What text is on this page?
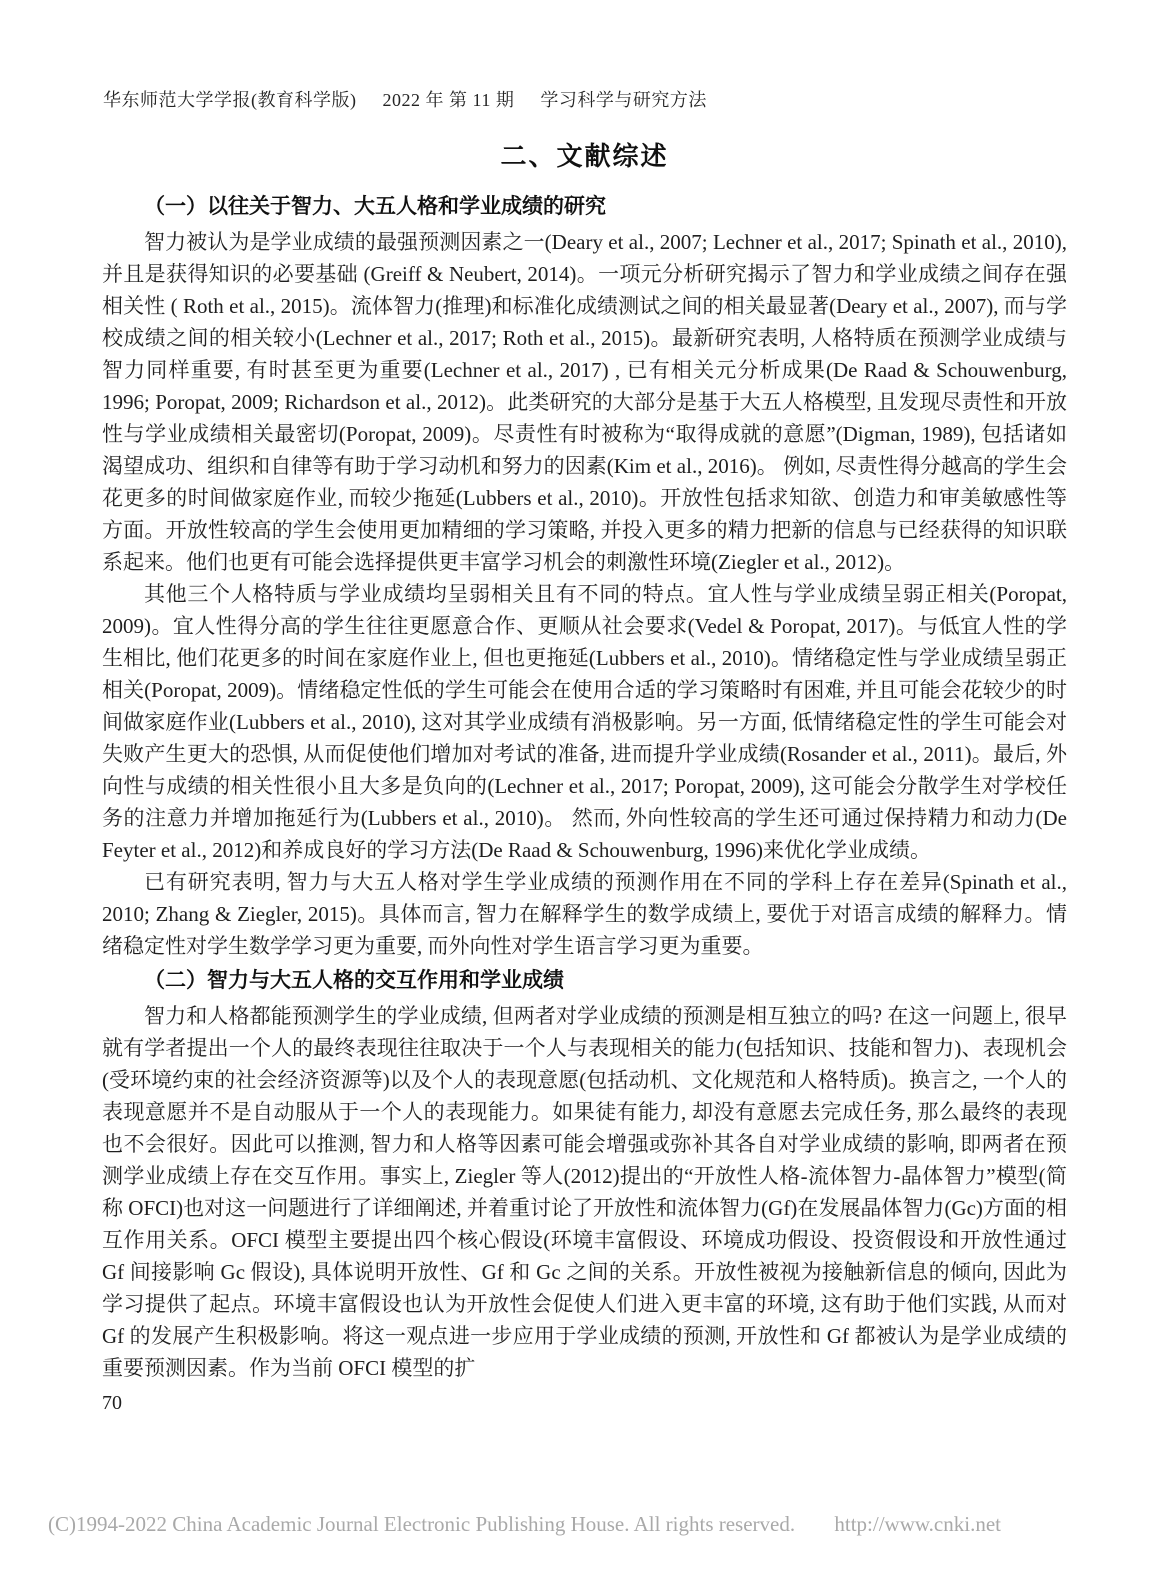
华东师范大学学报(教育科学版) 2022 年 第 11 期 学习科学与研究方法
二、文献综述
（一）以往关于智力、大五人格和学业成绩的研究

智力被认为是学业成绩的最强预测因素之一(Deary et al., 2007; Lechner et al., 2017; Spinath et al., 2010), 并且是获得知识的必要基础 (Greiff & Neubert, 2014)。一项元分析研究揭示了智力和学业成绩之间存在强相关性 ( Roth et al., 2015)。流体智力(推理)和标准化成绩测试之间的相关最显著(Deary et al., 2007), 而与学校成绩之间的相关较小(Lechner et al., 2017; Roth et al., 2015)。最新研究表明, 人格特质在预测学业成绩与智力同样重要, 有时甚至更为重要(Lechner et al., 2017) , 已有相关元分析成果(De Raad & Schouwenburg, 1996; Poropat, 2009; Richardson et al., 2012)。此类研究的大部分是基于大五人格模型, 且发现尽责性和开放性与学业成绩相关最密切(Poropat, 2009)。尽责性有时被称为“取得成就的意愿”(Digman, 1989), 包括诸如渴望成功、组织和自律等有助于学习动机和努力的因素(Kim et al., 2016)。 例如, 尽责性得分越高的学生会花更多的时间做家庭作业, 而较少拖延(Lubbers et al., 2010)。开放性包括求知欲、创造力和审美敏感性等方面。开放性较高的学生会使用更加精细的学习策略, 并投入更多的精力把新的信息与已经获得的知识联系起来。他们也更有可能会选择提供更丰富学习机会的刺激性环境(Ziegler et al., 2012)。

其他三个人格特质与学业成绩均呈弱相关且有不同的特点。宜人性与学业成绩呈弱正相关(Poropat, 2009)。宜人性得分高的学生往往更愿意合作、更顺从社会要求(Vedel & Poropat, 2017)。与低宜人性的学生相比, 他们花更多的时间在家庭作业上, 但也更拖延(Lubbers et al., 2010)。情绪稳定性与学业成绩呈弱正相关(Poropat, 2009)。情绪稳定性低的学生可能会在使用合适的学习策略时有困难, 并且可能会花较少的时间做家庭作业(Lubbers et al., 2010), 这对其学业成绩有消极影响。另一方面, 低情绪稳定性的学生可能会对失败产生更大的恐惧, 从而促使他们增加对考试的准备, 进而提升学业成绩(Rosander et al., 2011)。最后, 外向性与成绩的相关性很小且大多是负向的(Lechner et al., 2017; Poropat, 2009), 这可能会分散学生对学校任务的注意力并增加拖延行为(Lubbers et al., 2010)。 然而, 外向性较高的学生还可通过保持精力和动力(De Feyter et al., 2012)和养成良好的学习方法(De Raad & Schouwenburg, 1996)来优化学业成绩。

已有研究表明, 智力与大五人格对学生学业成绩的预测作用在不同的学科上存在差异(Spinath et al., 2010; Zhang & Ziegler, 2015)。具体而言, 智力在解释学生的数学成绩上, 要优于对语言成绩的解释力。情绪稳定性对学生数学学习更为重要, 而外向性对学生语言学习更为重要。

（二）智力与大五人格的交互作用和学业成绩

智力和人格都能预测学生的学业成绩, 但两者对学业成绩的预测是相互独立的吗? 在这一问题上, 很早就有学者提出一个人的最终表现往往取决于一个人与表现相关的能力(包括知识、技能和智力)、表现机会(受环境约束的社会经济资源等)以及个人的表现意愿(包括动机、文化规范和人格特质)。换言之, 一个人的表现意愿并不是自动服从于一个人的表现能力。如果徒有能力, 却没有意愿去完成任务, 那么最终的表现也不会很好。因此可以推测, 智力和人格等因素可能会增强或弥补其各自对学业成绩的影响, 即两者在预测学业成绩上存在交互作用。事实上, Ziegler 等人(2012)提出的“开放性人格-流体智力-晶体智力”模型(简称 OFCI)也对这一问题进行了详细阐述, 并着重讨论了开放性和流体智力(Gf)在发展晶体智力(Gc)方面的相互作用关系。OFCI 模型主要提出四个核心假设(环境丰富假设、环境成功假设、投资假设和开放性通过 Gf 间接影响 Gc 假设), 具体说明开放性、Gf 和 Gc 之间的关系。开放性被视为接触新信息的倾向, 因此为学习提供了起点。环境丰富假设也认为开放性会促使人们进入更丰富的环境, 这有助于他们实践, 从而对 Gf 的发展产生积极影响。将这一观点进一步应用于学业成绩的预测, 开放性和 Gf 都被认为是学业成绩的重要预测因素。作为当前 OFCI 模型的扩

70
(C)1994-2022 China Academic Journal Electronic Publishing House. All rights reserved. http://www.cnki.net
